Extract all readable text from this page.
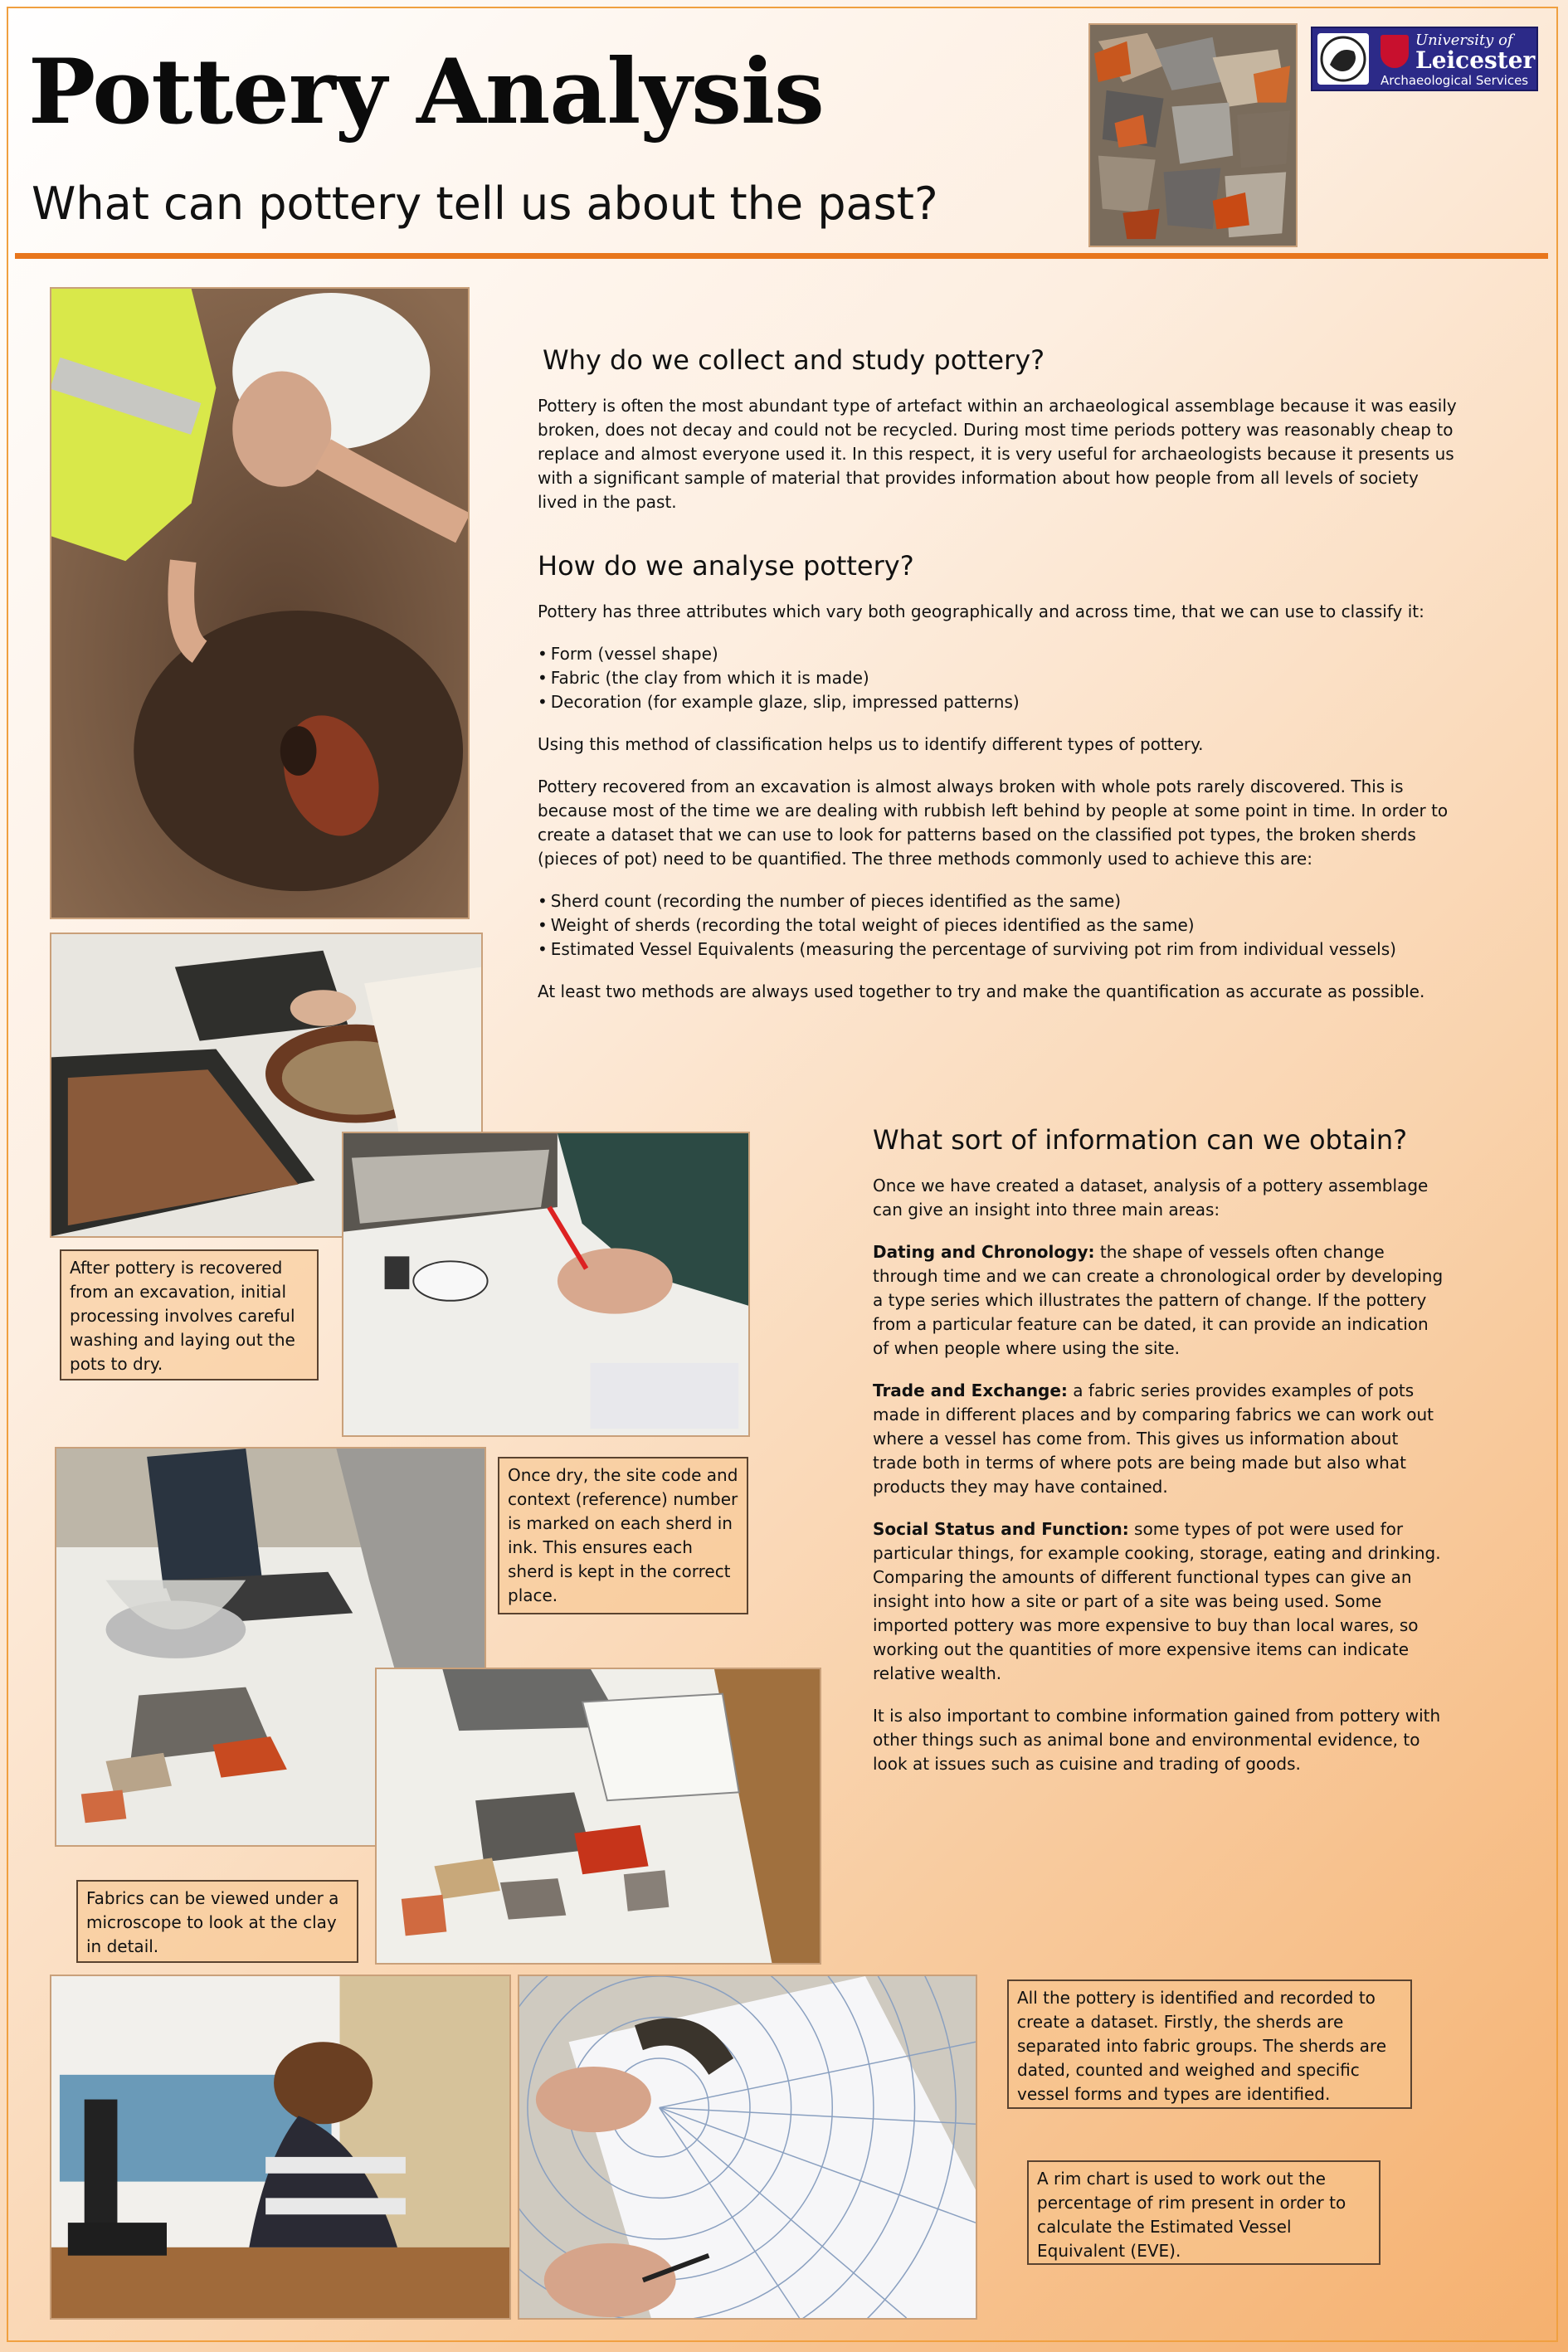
Pottery Analysis
What can pottery tell us about the past?
University of
Leicester
Archaeological Services
After pottery is recovered from an excavation, initial processing involves careful washing and laying out the pots to dry.
Once dry, the site code and context (reference) number is marked on each sherd in ink. This ensures each sherd is kept in the correct place.
Fabrics can be viewed under a microscope to look at the clay in detail.
All the pottery is identified and recorded to create a dataset. Firstly, the sherds are separated into fabric groups. The sherds are dated, counted and weighed and specific vessel forms and types are identified.
A rim chart is used to work out the percentage of rim present in order to calculate the Estimated Vessel Equivalent (EVE).
Why do we collect and study pottery?

Pottery is often the most abundant type of artefact within an archaeological assemblage because it was easily broken, does not decay and could not be recycled. During most time periods pottery was reasonably cheap to replace and almost everyone used it. In this respect, it is very useful for archaeologists because it presents us with a significant sample of material that provides information about how people from all levels of society lived in the past.

How do we analyse pottery?

Pottery has three attributes which vary both geographically and across time, that we can use to classify it:

• Form (vessel shape)
• Fabric (the clay from which it is made)
• Decoration (for example glaze, slip, impressed patterns)

Using this method of classification helps us to identify different types of pottery.

Pottery recovered from an excavation is almost always broken with whole pots rarely discovered. This is because most of the time we are dealing with rubbish left behind by people at some point in time. In order to create a dataset that we can use to look for patterns based on the classified pot types, the broken sherds (pieces of pot) need to be quantified. The three methods commonly used to achieve this are:

• Sherd count (recording the number of pieces identified as the same)
• Weight of sherds (recording the total weight of pieces identified as the same)
• Estimated Vessel Equivalents (measuring the percentage of surviving pot rim from individual vessels)

At least two methods are always used together to try and make the quantification as accurate as possible.

What sort of information can we obtain?

Once we have created a dataset, analysis of a pottery assemblage can give an insight into three main areas:

Dating and Chronology: the shape of vessels often change through time and we can create a chronological order by developing a type series which illustrates the pattern of change. If the pottery from a particular feature can be dated, it can provide an indication of when people where using the site.

Trade and Exchange: a fabric series provides examples of pots made in different places and by comparing fabrics we can work out where a vessel has come from. This gives us information about trade both in terms of where pots are being made but also what products they may have contained.

Social Status and Function: some types of pot were used for particular things, for example cooking, storage, eating and drinking. Comparing the amounts of different functional types can give an insight into how a site or part of a site was being used. Some imported pottery was more expensive to buy than local wares, so working out the quantities of more expensive items can indicate relative wealth.

It is also important to combine information gained from pottery with other things such as animal bone and environmental evidence, to look at issues such as cuisine and trading of goods.
